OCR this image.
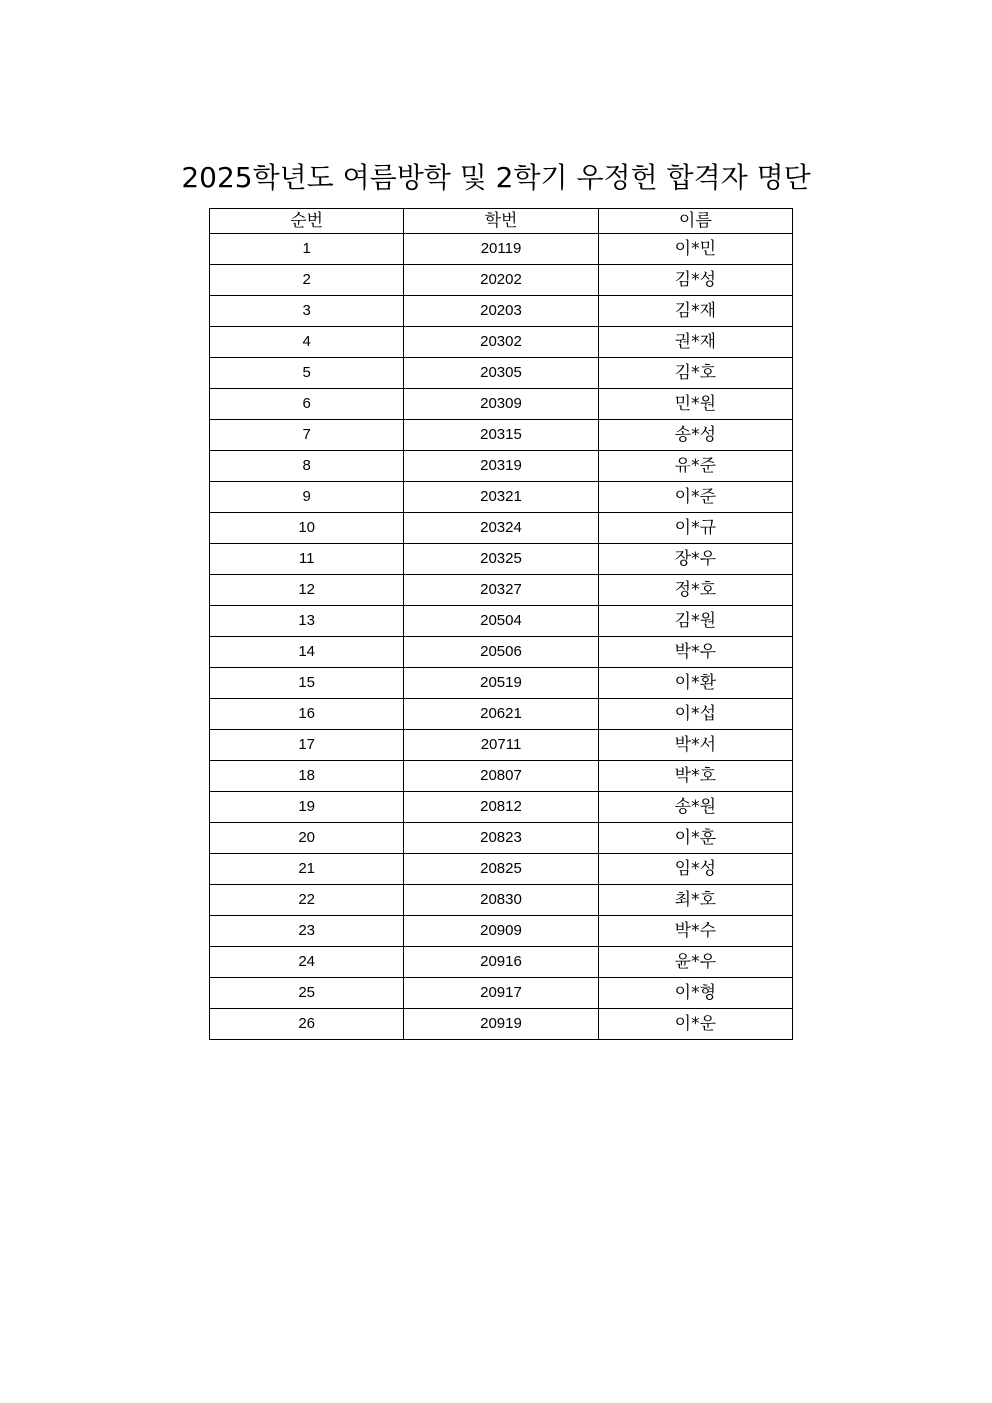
2025학년도 여름방학 및 2학기 우정헌 합격자 명단
순번	학번	이름
1	20119	이*민
2	20202	김*성
3	20203	김*재
4	20302	권*재
5	20305	김*호
6	20309	민*원
7	20315	송*성
8	20319	유*준
9	20321	이*준
10	20324	이*규
11	20325	장*우
12	20327	정*호
13	20504	김*원
14	20506	박*우
15	20519	이*환
16	20621	이*섭
17	20711	박*서
18	20807	박*호
19	20812	송*원
20	20823	이*훈
21	20825	임*성
22	20830	최*호
23	20909	박*수
24	20916	윤*우
25	20917	이*형
26	20919	이*운
